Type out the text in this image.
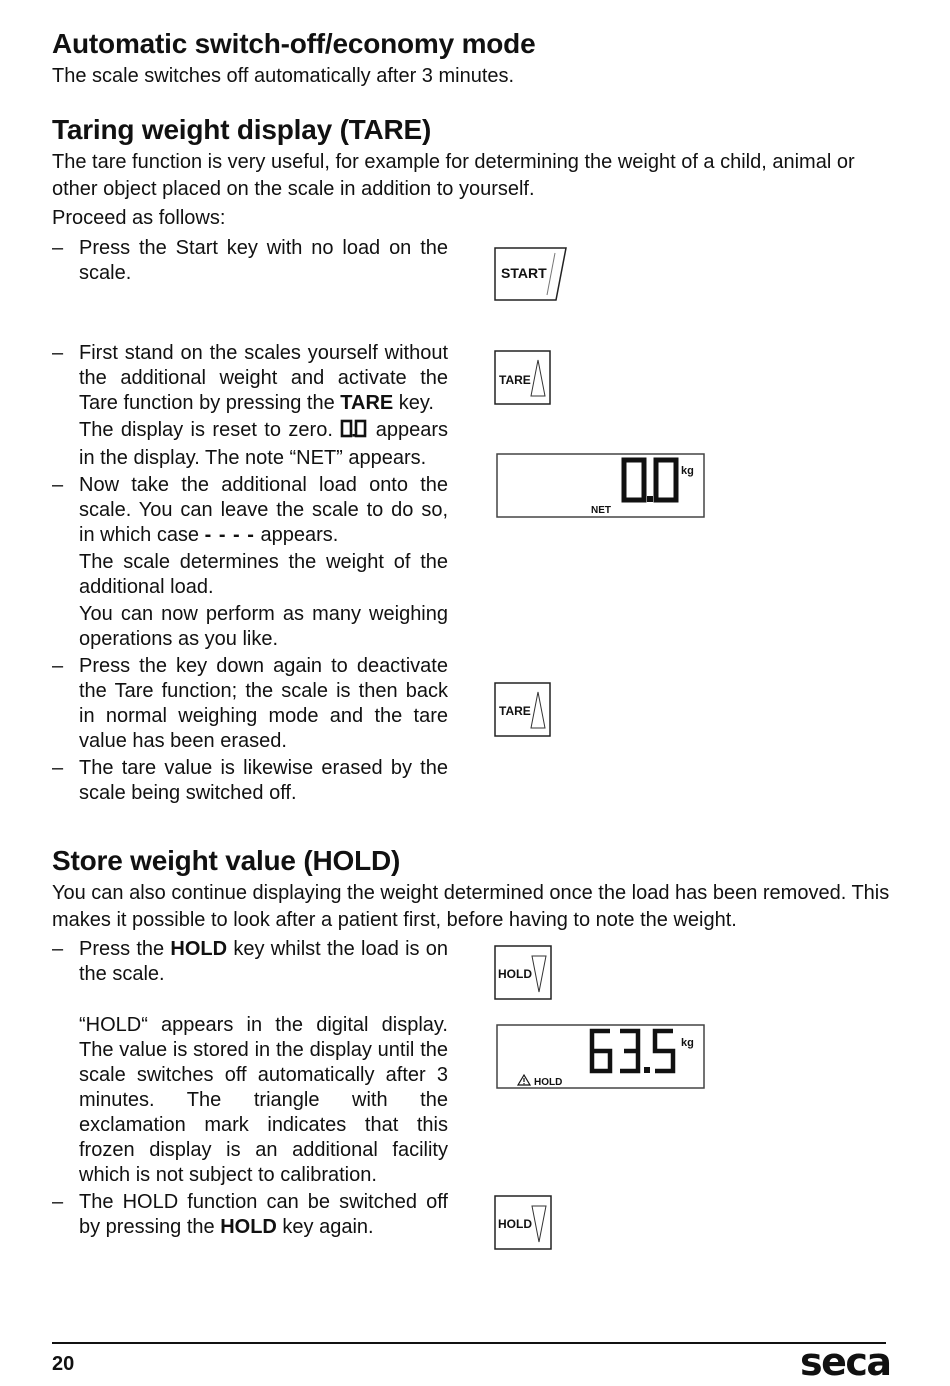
Automatic switch-off/economy mode
The scale switches off automatically after 3 minutes.
Taring weight display (TARE)
The tare function is very useful, for example for determining the weight of a child, animal or other object placed on the scale in addition to yourself.
Proceed as follows:
– Press the Start key with no load on the scale.
– First stand on the scales yourself without the additional weight and activate the Tare function by pressing the TARE key.
The display is reset to zero.  appears in the display. The note “NET” appears.
– Now take the additional load onto the scale. You can leave the scale to do so, in which case - - - - appears.
The scale determines the weight of the additional load.
You can now perform as many weighing operations as you like.
– Press the key down again to deactivate the Tare function; the scale is then back in normal weighing mode and the tare value has been erased.
– The tare value is likewise erased by the scale being switched off.
START
TARE
kg
NET
TARE
Store weight value (HOLD)
You can also continue displaying the weight determined once the load has been removed. This makes it possible to look after a patient first, before having to note the weight.
– Press the HOLD key whilst the load is on the scale.
“HOLD“ appears in the digital display. The value is stored in the display until the scale switches off automatically after 3 minutes. The triangle with the exclamation mark indicates that this frozen display is an additional facility which is not subject to calibration.
– The HOLD function can be switched off by pressing the HOLD key again.
HOLD
kg
HOLD
HOLD
20	seca
